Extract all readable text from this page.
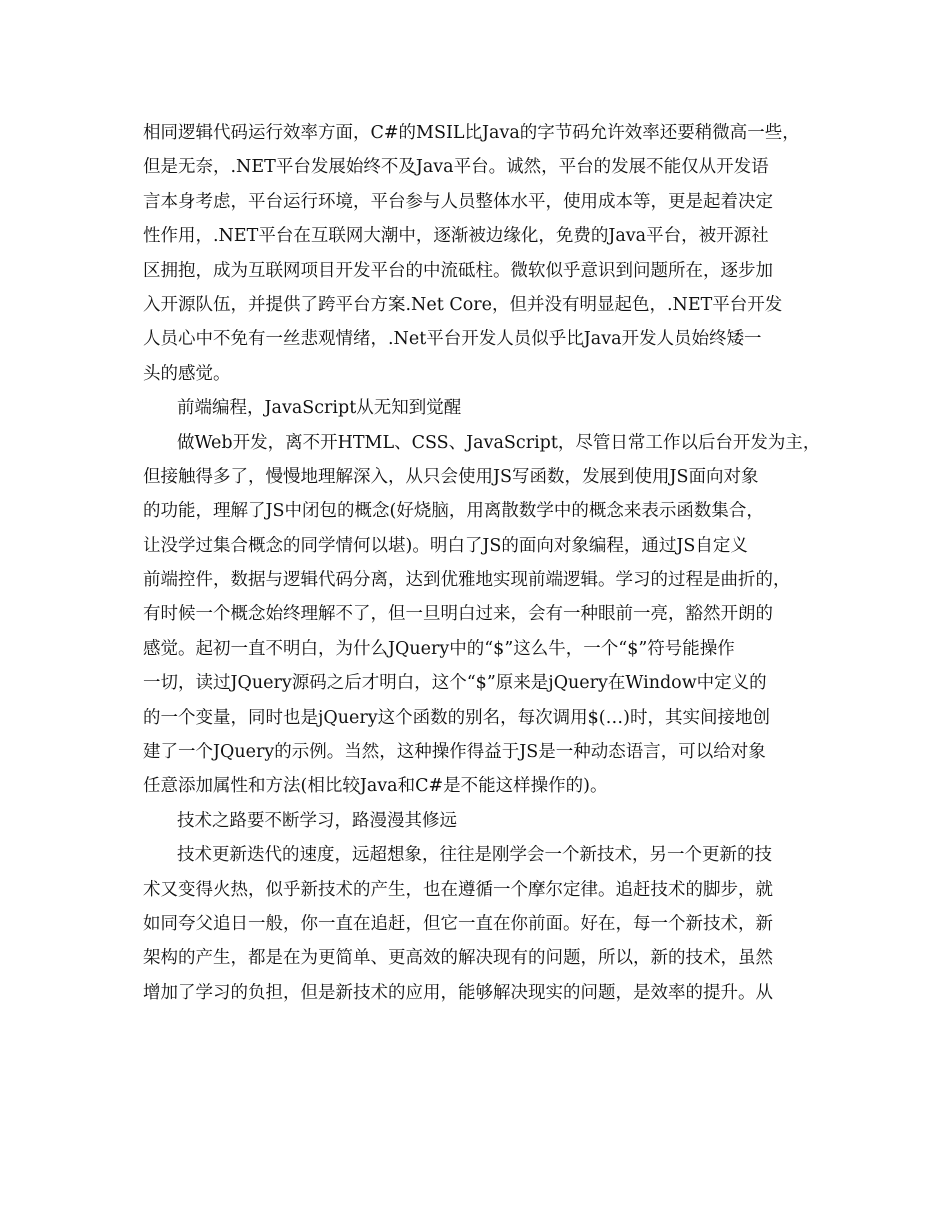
相同逻辑代码运行效率方面，C#的MSIL比Java的字节码允许效率还要稍微高一些，
但是无奈，.NET平台发展始终不及Java平台。诚然，平台的发展不能仅从开发语
言本身考虑，平台运行环境，平台参与人员整体水平，使用成本等，更是起着决定
性作用，.NET平台在互联网大潮中，逐渐被边缘化，免费的Java平台，被开源社
区拥抱，成为互联网项目开发平台的中流砥柱。微软似乎意识到问题所在，逐步加
入开源队伍，并提供了跨平台方案.Net Core，但并没有明显起色，.NET平台开发
人员心中不免有一丝悲观情绪，.Net平台开发人员似乎比Java开发人员始终矮一
头的感觉。
前端编程，JavaScript从无知到觉醒
做Web开发，离不开HTML、CSS、JavaScript，尽管日常工作以后台开发为主，
但接触得多了，慢慢地理解深入，从只会使用JS写函数，发展到使用JS面向对象
的功能，理解了JS中闭包的概念(好烧脑，用离散数学中的概念来表示函数集合，
让没学过集合概念的同学情何以堪)。明白了JS的面向对象编程，通过JS自定义
前端控件，数据与逻辑代码分离，达到优雅地实现前端逻辑。学习的过程是曲折的，
有时候一个概念始终理解不了，但一旦明白过来，会有一种眼前一亮，豁然开朗的
感觉。起初一直不明白，为什么JQuery中的“$”这么牛，一个“$”符号能操作
一切，读过JQuery源码之后才明白，这个“$”原来是jQuery在Window中定义的
的一个变量，同时也是jQuery这个函数的别名，每次调用$(…)时，其实间接地创
建了一个JQuery的示例。当然，这种操作得益于JS是一种动态语言，可以给对象
任意添加属性和方法(相比较Java和C#是不能这样操作的)。
技术之路要不断学习，路漫漫其修远
技术更新迭代的速度，远超想象，往往是刚学会一个新技术，另一个更新的技
术又变得火热，似乎新技术的产生，也在遵循一个摩尔定律。追赶技术的脚步，就
如同夸父追日一般，你一直在追赶，但它一直在你前面。好在，每一个新技术，新
架构的产生，都是在为更简单、更高效的解决现有的问题，所以，新的技术，虽然
增加了学习的负担，但是新技术的应用，能够解决现实的问题，是效率的提升。从
